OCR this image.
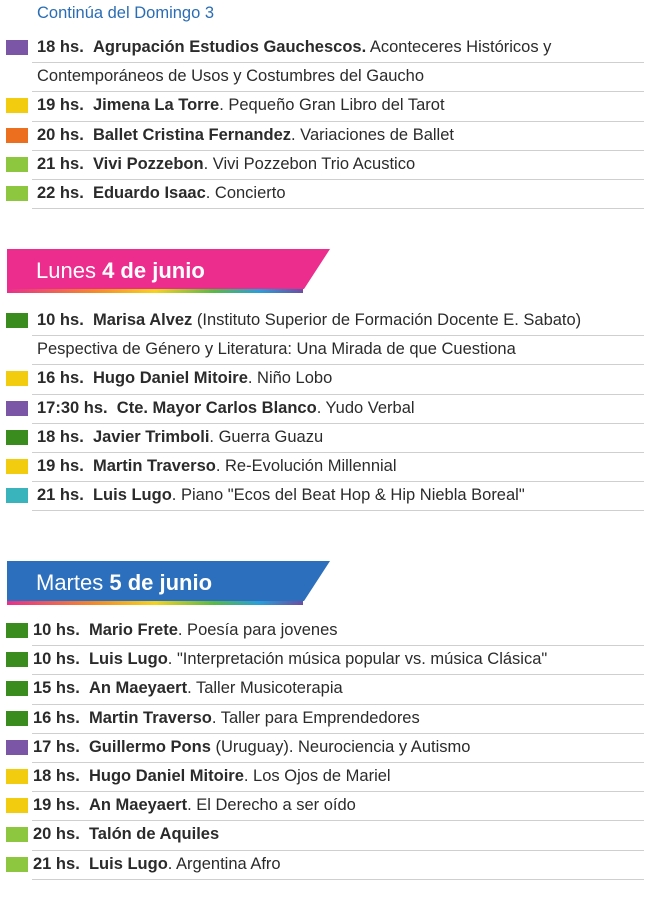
Continúa del Domingo 3
18 hs. Agrupación Estudios Gauchescos. Aconteceres Históricos y
Contemporáneos de Usos y Costumbres del Gaucho
19 hs. Jimena La Torre. Pequeño Gran Libro del Tarot
20 hs. Ballet Cristina Fernandez. Variaciones de Ballet
21 hs. Vivi Pozzebon. Vivi Pozzebon Trio Acustico
22 hs. Eduardo Isaac. Concierto
Lunes 4 de junio
10 hs. Marisa Alvez (Instituto Superior de Formación Docente E. Sabato)
Pespectiva de Género y Literatura: Una Mirada de que Cuestiona
16 hs. Hugo Daniel Mitoire. Niño Lobo
17:30 hs. Cte. Mayor Carlos Blanco. Yudo Verbal
18 hs. Javier Trimboli. Guerra Guazu
19 hs. Martin Traverso. Re-Evolución Millennial
21 hs. Luis Lugo. Piano "Ecos del Beat Hop & Hip Niebla Boreal"
Martes 5 de junio
10 hs. Mario Frete. Poesía para jovenes
10 hs. Luis Lugo. "Interpretación música popular vs. música Clásica"
15 hs. An Maeyaert. Taller Musicoterapia
16 hs. Martin Traverso. Taller para Emprendedores
17 hs. Guillermo Pons (Uruguay). Neurociencia y Autismo
18 hs. Hugo Daniel Mitoire. Los Ojos de Mariel
19 hs. An Maeyaert. El Derecho a ser oído
20 hs. Talón de Aquiles
21 hs. Luis Lugo. Argentina Afro
